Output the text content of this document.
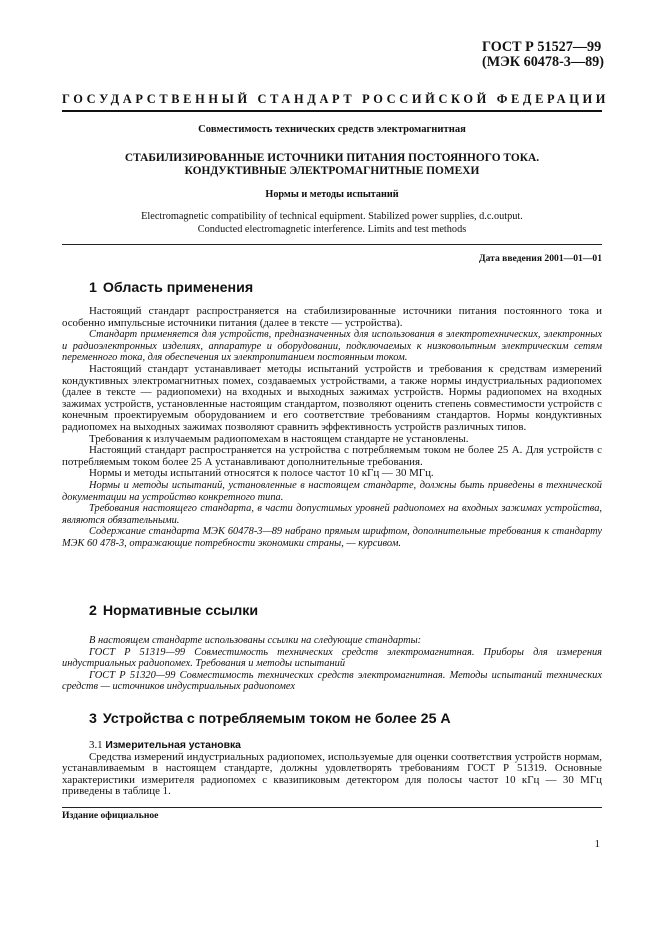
ГОСТ Р 51527—99
(МЭК 60478-3—89)
ГОСУДАРСТВЕННЫЙ СТАНДАРТ РОССИЙСКОЙ ФЕДЕРАЦИИ
Совместимость технических средств электромагнитная
СТАБИЛИЗИРОВАННЫЕ ИСТОЧНИКИ ПИТАНИЯ ПОСТОЯННОГО ТОКА.
КОНДУКТИВНЫЕ ЭЛЕКТРОМАГНИТНЫЕ ПОМЕХИ
Нормы и методы испытаний
Electromagnetic compatibility of technical equipment. Stabilized power supplies, d.c.output.
Conducted electromagnetic interference. Limits and test methods
Дата введения 2001—01—01
1 Область применения

Настоящий стандарт распространяется на стабилизированные источники питания постоянного тока и особенно импульсные источники питания (далее в тексте — устройства).

Стандарт применяется для устройств, предназначенных для использования в электротехнических, электронных и радиоэлектронных изделиях, аппаратуре и оборудовании, подключаемых к низковольтным электрическим сетям переменного тока, для обеспечения их электропитанием постоянным током.

Настоящий стандарт устанавливает методы испытаний устройств и требования к средствам измерений кондуктивных электромагнитных помех, создаваемых устройствами, а также нормы индустриальных радиопомех (далее в тексте — радиопомехи) на входных и выходных зажимах устройств. Нормы радиопомех на входных зажимах устройств, установленные настоящим стандартом, позволяют оценить степень совместимости устройств с конечным проектируемым оборудованием и его соответствие требованиям стандартов. Нормы кондуктивных радиопомех на выходных зажимах позволяют сравнить эффективность устройств различных типов.

Требования к излучаемым радиопомехам в настоящем стандарте не установлены.

Настоящий стандарт распространяется на устройства с потребляемым током не более 25 А. Для устройств с потребляемым током более 25 А устанавливают дополнительные требования.

Нормы и методы испытаний относятся к полосе частот 10 кГц — 30 МГц.

Нормы и методы испытаний, установленные в настоящем стандарте, должны быть приведены в технической документации на устройство конкретного типа.

Требования настоящего стандарта, в части допустимых уровней радиопомех на входных зажимах устройства, являются обязательными.

Содержание стандарта МЭК 60478-3—89 набрано прямым шрифтом, дополнительные требования к стандарту МЭК 60 478-3, отражающие потребности экономики страны, — курсивом.

2 Нормативные ссылки

В настоящем стандарте использованы ссылки на следующие стандарты:

ГОСТ Р 51319—99 Совместимость технических средств электромагнитная. Приборы для измерения индустриальных радиопомех. Требования и методы испытаний

ГОСТ Р 51320—99 Совместимость технических средств электромагнитная. Методы испытаний технических средств — источников индустриальных радиопомех

3 Устройства с потребляемым током не более 25 А

3.1 Измерительная установка

Средства измерений индустриальных радиопомех, используемые для оценки соответствия устройств нормам, устанавливаемым в настоящем стандарте, должны удовлетворять требованиям ГОСТ Р 51319. Основные характеристики измерителя радиопомех с квазипиковым детектором для полосы частот 10 кГц — 30 МГц приведены в таблице 1.

Издание официальное
1
